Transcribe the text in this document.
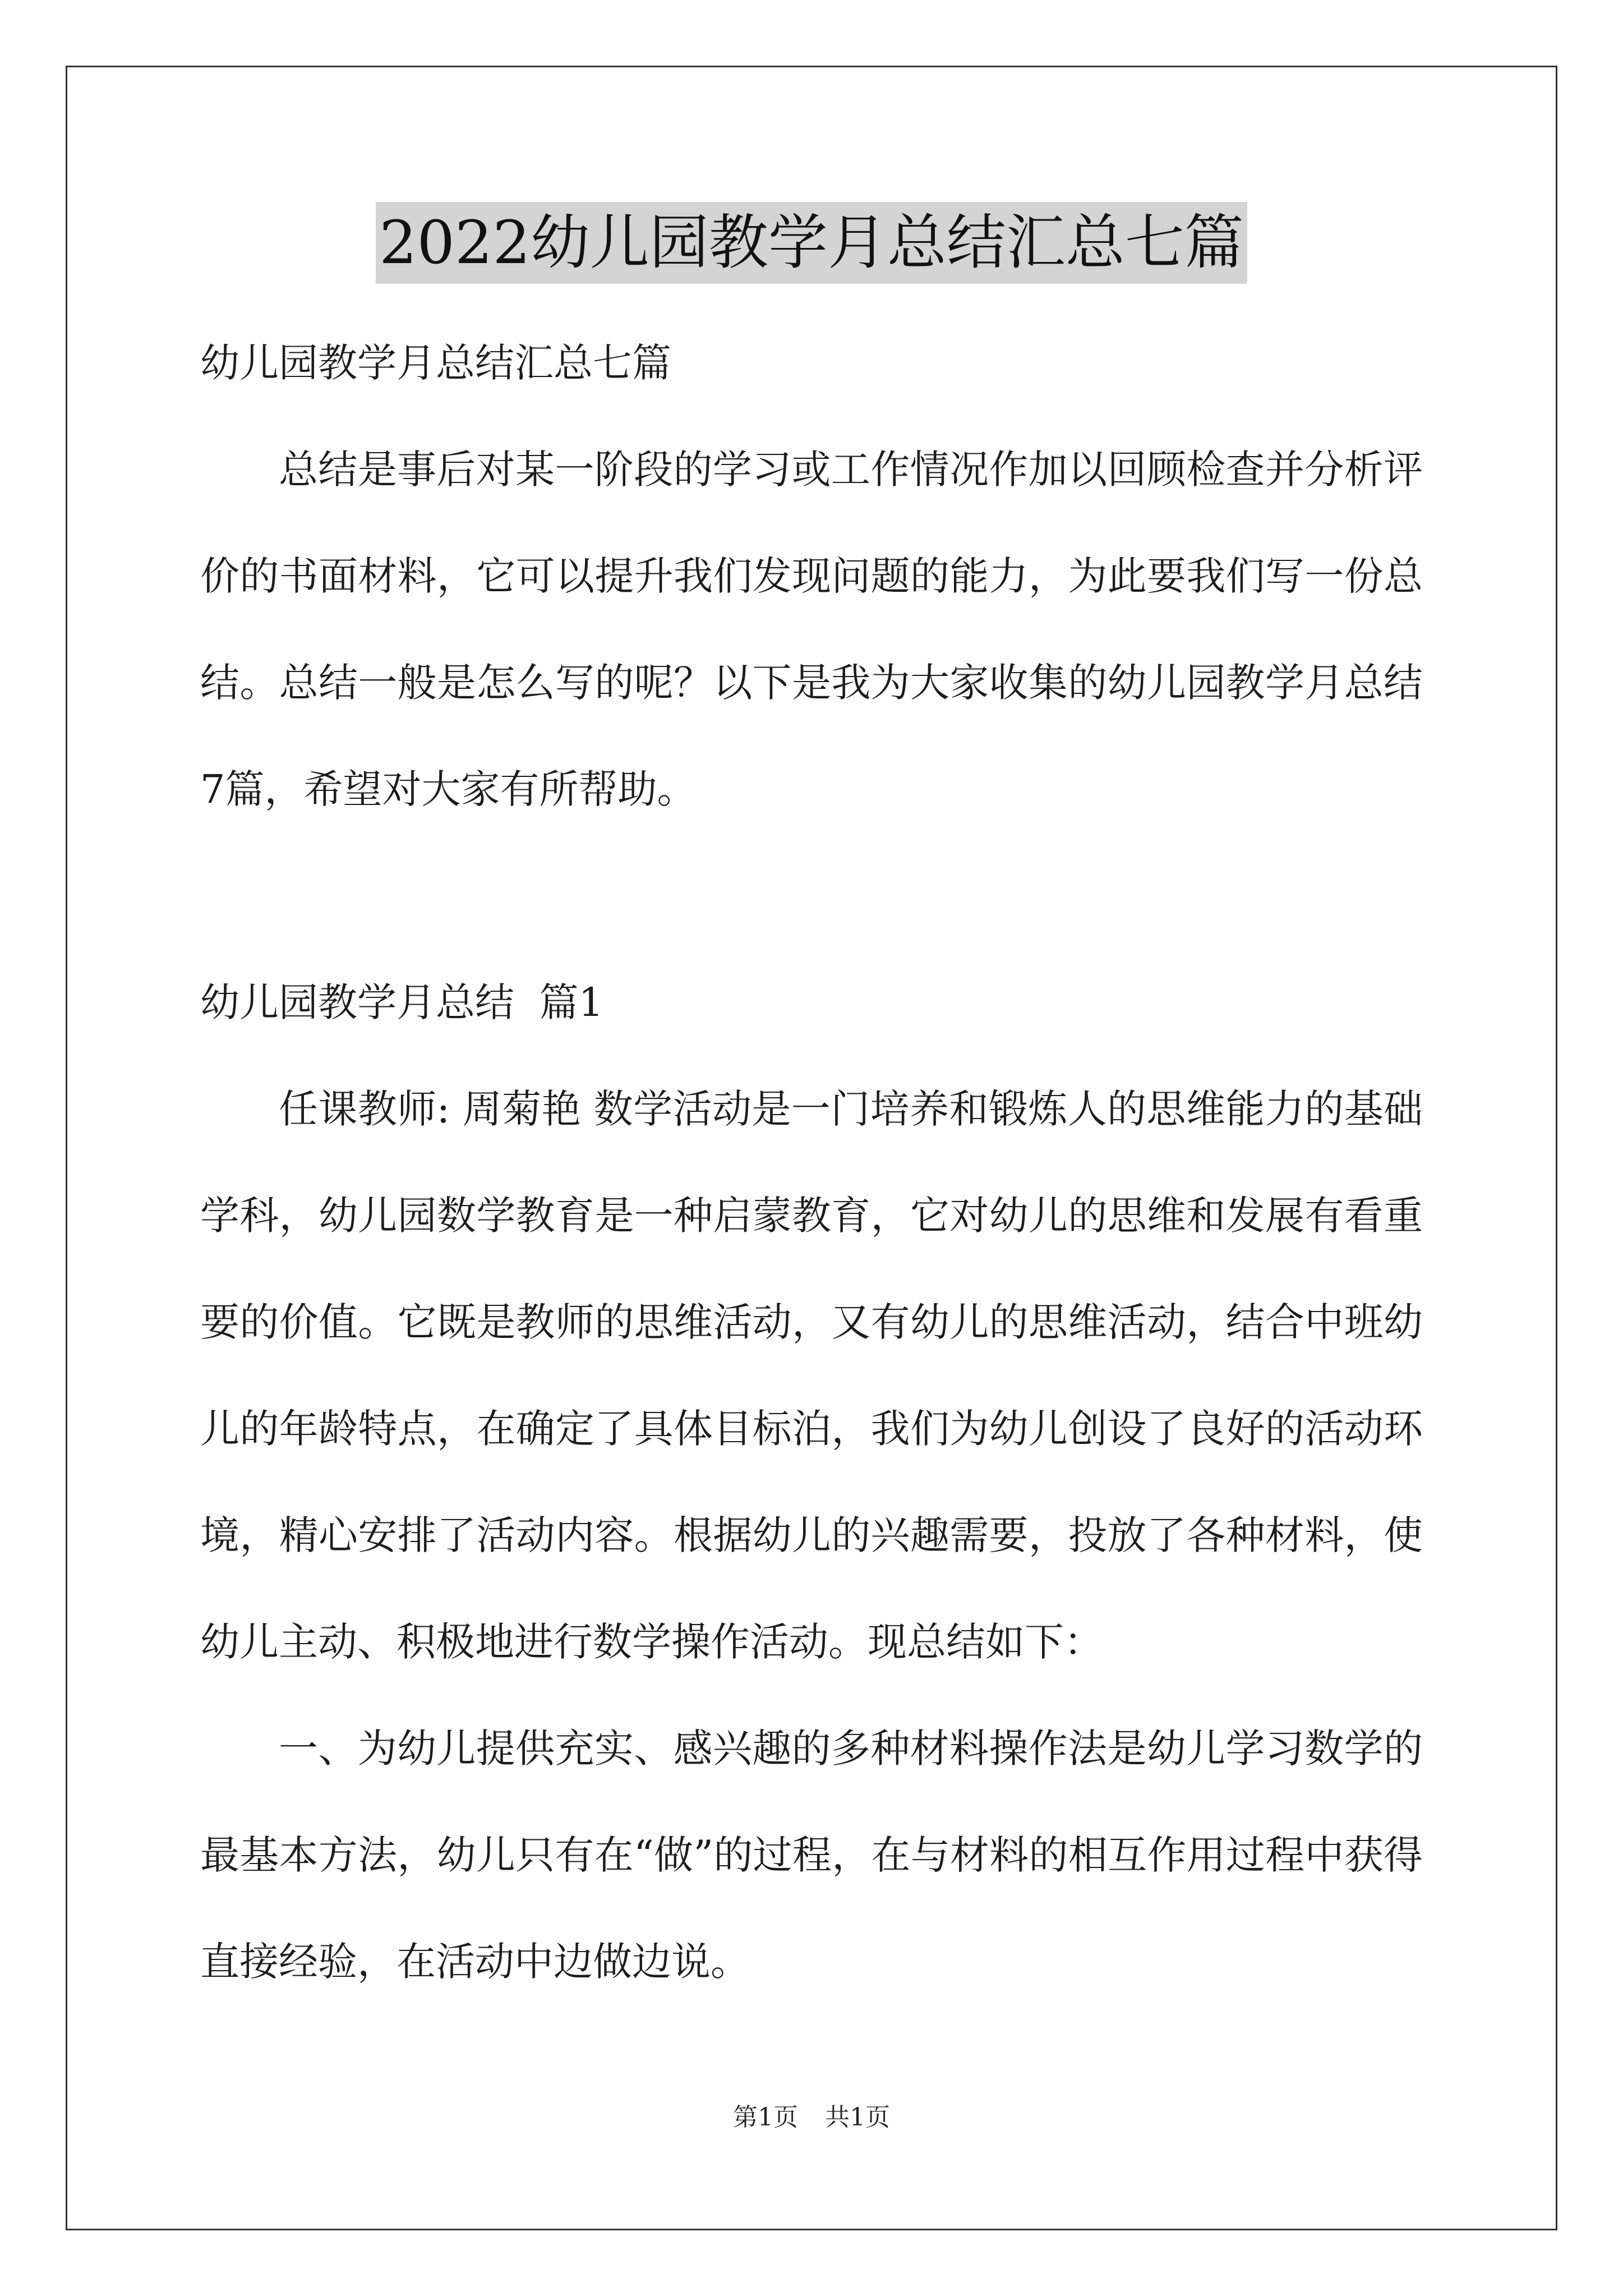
2022幼儿园教学月总结汇总七篇

幼儿园教学月总结汇总七篇

总结是事后对某一阶段的学习或工作情况作加以回顾检查并分析评价的书面材料，它可以提升我们发现问题的能力，为此要我们写一份总结。总结一般是怎么写的呢？以下是我为大家收集的幼儿园教学月总结7篇，希望对大家有所帮助。

幼儿园教学月总结  篇1

任课教师: 周菊艳 数学活动是一门培养和锻炼人的思维能力的基础学科，幼儿园数学教育是一种启蒙教育，它对幼儿的思维和发展有看重要的价值。它既是教师的思维活动，又有幼儿的思维活动，结合中班幼儿的年龄特点，在确定了具体目标泊，我们为幼儿创设了良好的活动环境，精心安排了活动内容。根据幼儿的兴趣需要，投放了各种材料，使幼儿主动、积极地进行数学操作活动。现总结如下：

一、为幼儿提供充实、感兴趣的多种材料操作法是幼儿学习数学的最基本方法，幼儿只有在“做”的过程，在与材料的相互作用过程中获得直接经验，在活动中边做边说。

第1页 共1页
